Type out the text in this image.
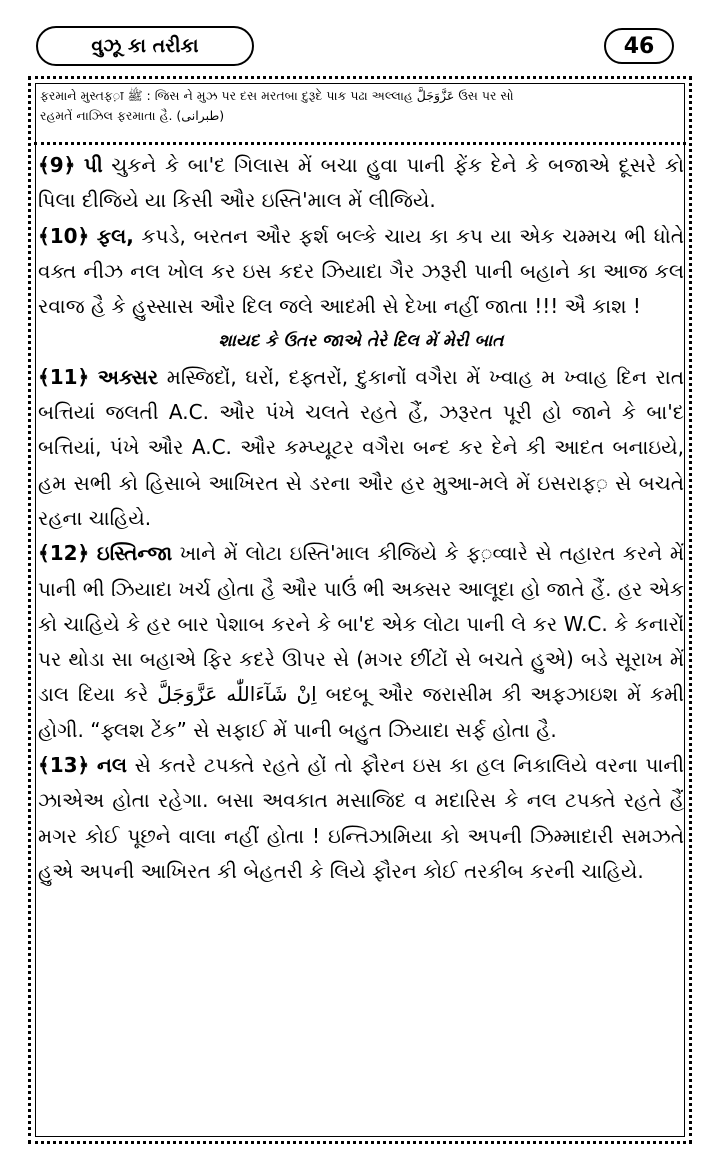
વુઝૂ કા તરીકા	46
ફરમાને મુસ્તફ़ा ﷺ : જિસ ને મુઝ પર દસ મરતબા દુરૂદે પાક પઢા અલ્લાહ عَزَّوَجَلَّ ઉસ પર સો
રહમતેં નાઝિલ ફરમાતા હૈ. (طبرانی)

﴾9﴿ પી ચુકને કે બા'દ ગિલાસ મેં બચા હુવા પાની ફેંક દેને કે બજાએ દૂસરે કો પિલા દીજિયે યા કિસી ઔર ઇસ્તિ'માલ મેં લીજિયે.

﴾10﴿ ફલ, કપડે, બરતન ઔર ફર્શ બલ્કે ચાય કા કપ યા એક ચમ્મચ ભી ધોતે વક્ત નીઝ નલ ખોલ કર ઇસ કદર ઝિયાદા ગૈર ઝરૂરી પાની બહાને કા આજ કલ રવાજ હૈ કે હુસ્સાસ ઔર દિલ જલે આદમી સે દેખા નહીં જાતા !!! ઐ કાશ !

શાયદ કે ઉતર જાએ તેરે દિલ મેં મેરી બાત

﴾11﴿ અક્સર મસ્જિદોં, ઘરોં, દફ્તરોં, દુકાનોં વગૈરા મેં ખ્વાહ મ ખ્વાહ દિન રાત બત્તિયાં જલતી A.C. ઔર પંખે ચલતે રહતે હૈં, ઝરૂરત પૂરી હો જાને કે બા'દ બત્તિયાં, પંખે ઔર A.C. ઔર કમ્પ્યૂટર વગૈરા બન્દ કર દેને કી આદત બનાઇયે, હમ સભી કો હિસાબે આખિરત સે ડરના ઔર હર મુઆ-મલે મેં ઇસરાફ़ સે બચતે રહના ચાહિયે.

﴾12﴿ ઇસ્તિન્જા ખાને મેં લોટા ઇસ્તિ'માલ કીજિયે કે ફ़વ્વારે સે તહારત કરને મેં પાની ભી ઝિયાદા ખર્ચ હોતા હૈ ઔર પાઉં ભી અક્સર આલૂદા હો જાતે હૈં. હર એક કો ચાહિયે કે હર બાર પેશાબ કરને કે બા'દ એક લોટા પાની લે કર W.C. કે કનારોં પર થોડા સા બહાએ ફિર કદરે ઊપર સે (મગર છીંટોં સે બચતે હુએ) બડે સૂરાખ મેં ડાલ દિયા કરે اِنْ شَآءَاللّٰه عَزَّوَجَلَّ બદબૂ ઔર જરાસીમ કી અફઝાઇશ મેં કમી હોગી. “ફ્લશ ટેંક” સે સફાઈ મેં પાની બહુત ઝિયાદા સર્ફ હોતા હૈ.

﴾13﴿ નલ સે કતરે ટપક્તે રહતે હોં તો ફૌરન ઇસ કા હલ નિકાલિયે વરના પાની ઝાએઅ હોતા રહેગા. બસા અવકાત મસાજિદ વ મદારિસ કે નલ ટપક્તે રહતે હૈં મગર કોઈ પૂછને વાલા નહીં હોતા ! ઇન્તિઝામિયા કો અપની ઝિમ્માદારી સમઝતે હુએ અપની આખિરત કી બેહતરી કે લિયે ફૌરન કોઈ તરકીબ કરની ચાહિયે.
